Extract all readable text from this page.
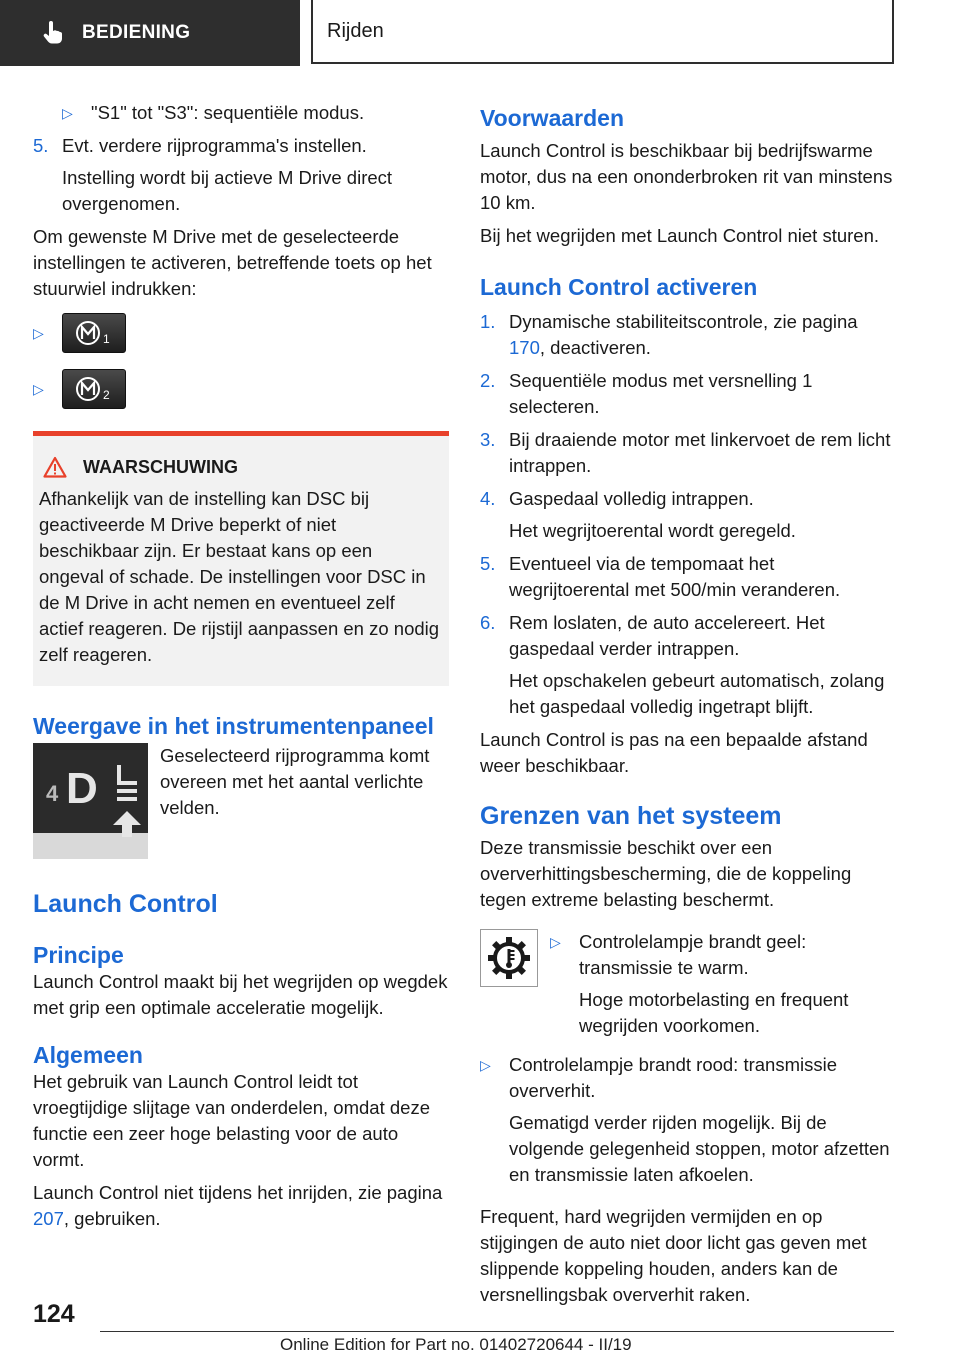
BEDIENING	Rijden
▷ "S1" tot "S3": sequentiële modus.
5. Evt. verdere rijprogramma's instellen.

Instelling wordt bij actieve M Drive direct overgenomen.

Om gewenste M Drive met de geselecteerde instellingen te activeren, betreffende toets op het stuurwiel indrukken:

▷	1
▷	2
WAARSCHUWING

Afhankelijk van de instelling kan DSC bij geactiveerde M Drive beperkt of niet beschikbaar zijn. Er bestaat kans op een ongeval of schade. De instellingen voor DSC in de M Drive in acht nemen en eventueel zelf actief reageren. De rijstijl aanpassen en zo nodig zelf reageren.

Weergave in het instrumentenpaneel
4 D

Geselecteerd rijprogramma komt overeen met het aantal verlichte velden.

Launch Control
Principe

Launch Control maakt bij het wegrijden op wegdek met grip een optimale acceleratie mogelijk.

Algemeen

Het gebruik van Launch Control leidt tot vroegtijdige slijtage van onderdelen, omdat deze functie een zeer hoge belasting voor de auto vormt.

Launch Control niet tijdens het inrijden, zie pagina 207, gebruiken.

Voorwaarden

Launch Control is beschikbaar bij bedrijfswarme motor, dus na een ononderbroken rit van minstens 10 km.

Bij het wegrijden met Launch Control niet sturen.

Launch Control activeren
1. Dynamische stabiliteitscontrole, zie pagina 170, deactiveren.
2. Sequentiële modus met versnelling 1 selecteren.
3. Bij draaiende motor met linkervoet de rem licht intrappen.
4. Gaspedaal volledig intrappen.

Het wegrijtoerental wordt geregeld.

5. Eventueel via de tempomaat het wegrijtoerental met 500/min veranderen.
6. Rem loslaten, de auto accelereert. Het gaspedaal verder intrappen.

Het opschakelen gebeurt automatisch, zolang het gaspedaal volledig ingetrapt blijft.

Launch Control is pas na een bepaalde afstand weer beschikbaar.

Grenzen van het systeem

Deze transmissie beschikt over een oververhittingsbescherming, die de koppeling tegen extreme belasting beschermt.

▷ Controlelampje brandt geel: transmissie te warm.

Hoge motorbelasting en frequent wegrijden voorkomen.

▷ Controlelampje brandt rood: transmissie oververhit.

Gematigd verder rijden mogelijk. Bij de volgende gelegenheid stoppen, motor afzetten en transmissie laten afkoelen.

Frequent, hard wegrijden vermijden en op stijgingen de auto niet door licht gas geven met slippende koppeling houden, anders kan de versnellingsbak oververhit raken.

124
Online Edition for Part no. 01402720644 - II/19
